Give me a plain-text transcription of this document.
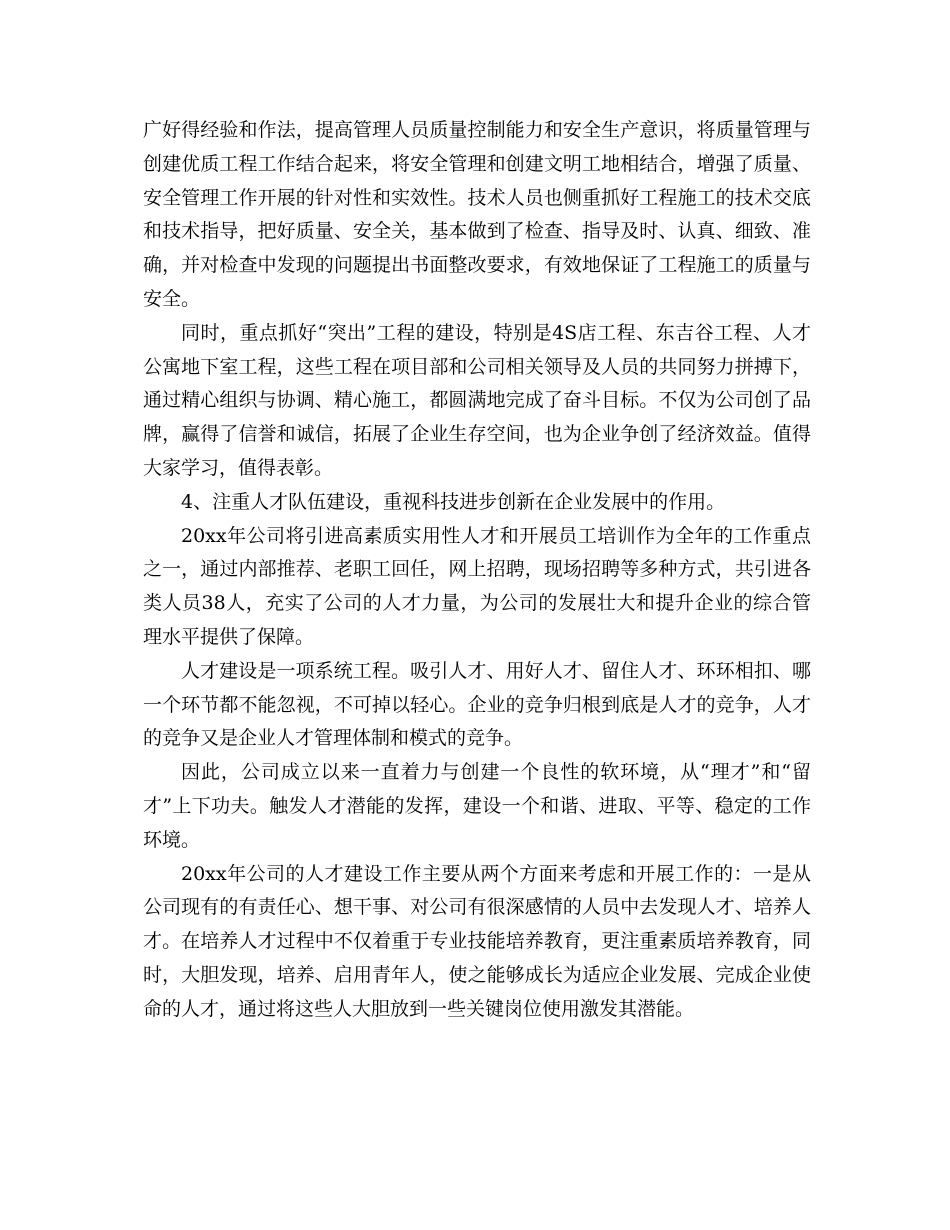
广好得经验和作法，提高管理人员质量控制能力和安全生产意识，将质量管理与创建优质工程工作结合起来，将安全管理和创建文明工地相结合，增强了质量、安全管理工作开展的针对性和实效性。技术人员也侧重抓好工程施工的技术交底和技术指导，把好质量、安全关，基本做到了检查、指导及时、认真、细致、准确，并对检查中发现的问题提出书面整改要求，有效地保证了工程施工的质量与安全。

同时，重点抓好“突出”工程的建设，特别是4S店工程、东吉谷工程、人才公寓地下室工程，这些工程在项目部和公司相关领导及人员的共同努力拼搏下，通过精心组织与协调、精心施工，都圆满地完成了奋斗目标。不仅为公司创了品牌，赢得了信誉和诚信，拓展了企业生存空间，也为企业争创了经济效益。值得大家学习，值得表彰。

4、注重人才队伍建设，重视科技进步创新在企业发展中的作用。

20xx年公司将引进高素质实用性人才和开展员工培训作为全年的工作重点之一，通过内部推荐、老职工回任，网上招聘，现场招聘等多种方式，共引进各类人员38人，充实了公司的人才力量，为公司的发展壮大和提升企业的综合管理水平提供了保障。

人才建设是一项系统工程。吸引人才、用好人才、留住人才、环环相扣、哪一个环节都不能忽视，不可掉以轻心。企业的竞争归根到底是人才的竞争，人才的竞争又是企业人才管理体制和模式的竞争。

因此，公司成立以来一直着力与创建一个良性的软环境，从“理才”和“留才”上下功夫。触发人才潜能的发挥，建设一个和谐、进取、平等、稳定的工作环境。

20xx年公司的人才建设工作主要从两个方面来考虑和开展工作的：一是从公司现有的有责任心、想干事、对公司有很深感情的人员中去发现人才、培养人才。在培养人才过程中不仅着重于专业技能培养教育，更注重素质培养教育，同时，大胆发现，培养、启用青年人，使之能够成长为适应企业发展、完成企业使命的人才，通过将这些人大胆放到一些关键岗位使用激发其潜能。
